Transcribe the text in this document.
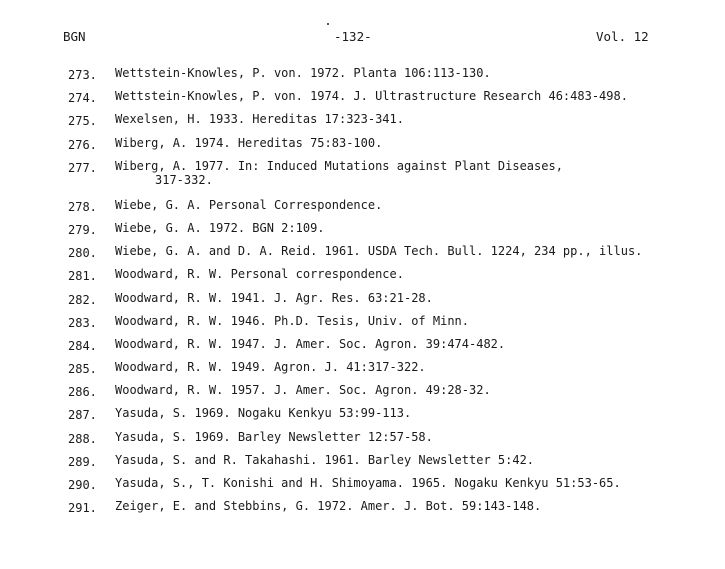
BGN	-132-	Vol. 12
273. Wettstein-Knowles, P. von. 1972. Planta 106:113-130.
274. Wettstein-Knowles, P. von. 1974. J. Ultrastructure Research 46:483-498.
275. Wexelsen, H. 1933. Hereditas 17:323-341.
276. Wiberg, A. 1974. Hereditas 75:83-100.
277. Wiberg, A. 1977. In: Induced Mutations against Plant Diseases,
317-332.
278. Wiebe, G. A. Personal Correspondence.
279. Wiebe, G. A. 1972. BGN 2:109.
280. Wiebe, G. A. and D. A. Reid. 1961. USDA Tech. Bull. 1224, 234 pp., illus.
281. Woodward, R. W. Personal correspondence.
282. Woodward, R. W. 1941. J. Agr. Res. 63:21-28.
283. Woodward, R. W. 1946. Ph.D. Tesis, Univ. of Minn.
284. Woodward, R. W. 1947. J. Amer. Soc. Agron. 39:474-482.
285. Woodward, R. W. 1949. Agron. J. 41:317-322.
286. Woodward, R. W. 1957. J. Amer. Soc. Agron. 49:28-32.
287. Yasuda, S. 1969. Nogaku Kenkyu 53:99-113.
288. Yasuda, S. 1969. Barley Newsletter 12:57-58.
289. Yasuda, S. and R. Takahashi. 1961. Barley Newsletter 5:42.
290. Yasuda, S., T. Konishi and H. Shimoyama. 1965. Nogaku Kenkyu 51:53-65.
291. Zeiger, E. and Stebbins, G. 1972. Amer. J. Bot. 59:143-148.
